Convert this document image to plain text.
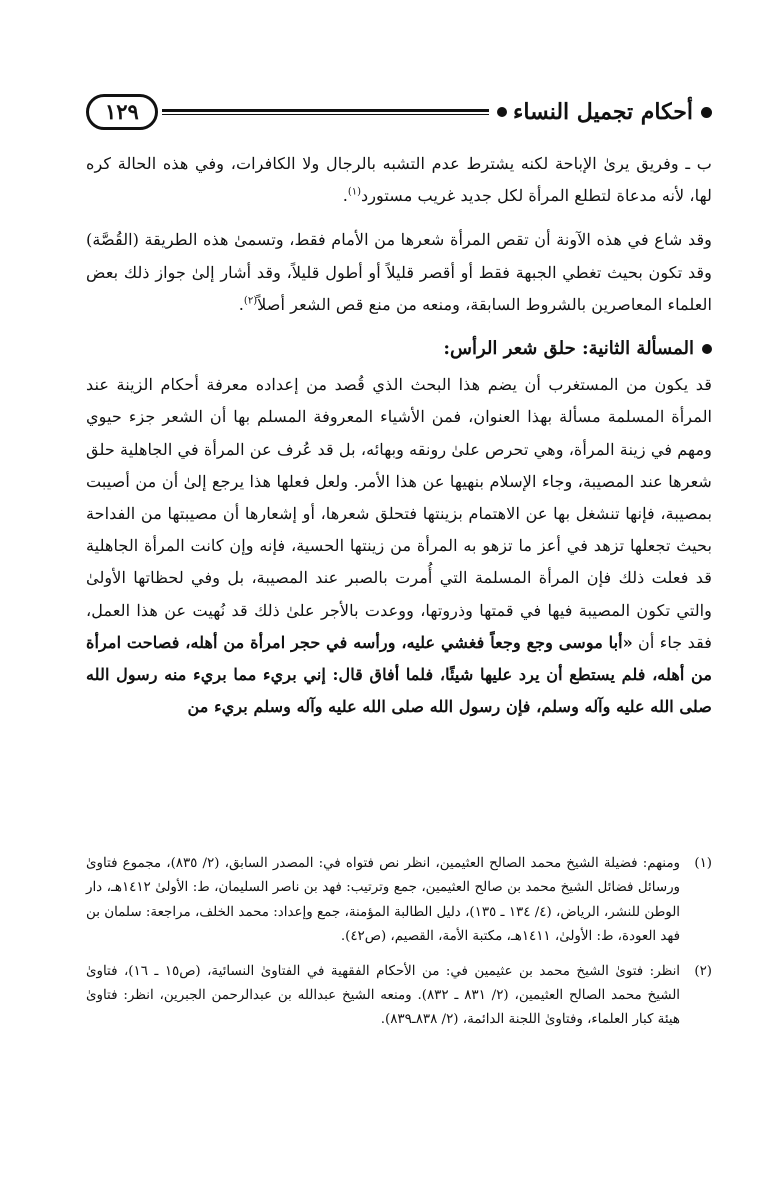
أحكام تجميل النساء
١٢٩

ب ـ وفريق يرىٰ الإباحة لكنه يشترط عدم التشبه بالرجال ولا الكافرات، وفي هذه الحالة كره لها، لأنه مدعاة لتطلع المرأة لكل جديد غريب مستورد$^{(١)}$.

وقد شاع في هذه الآونة أن تقص المرأة شعرها من الأمام فقط، وتسمىٰ هذه الطريقة (القُصَّة) وقد تكون بحيث تغطي الجبهة فقط أو أقصر قليلاً أو أطول قليلاً، وقد أشار إلىٰ جواز ذلك بعض العلماء المعاصرين بالشروط السابقة، ومنعه من منع قص الشعر أصلاً$^{(٢)}$.

المسألة الثانية: حلق شعر الرأس:

قد يكون من المستغرب أن يضم هذا البحث الذي قُصد من إعداده معرفة أحكام الزينة عند المرأة المسلمة مسألة بهذا العنوان، فمن الأشياء المعروفة المسلم بها أن الشعر جزء حيوي ومهم في زينة المرأة، وهي تحرص علىٰ رونقه وبهائه، بل قد عُرف عن المرأة في الجاهلية حلق شعرها عند المصيبة، وجاء الإسلام بنهيها عن هذا الأمر. ولعل فعلها هذا يرجع إلىٰ أن من أصيبت بمصيبة، فإنها تنشغل بها عن الاهتمام بزينتها فتحلق شعرها، أو إشعارها أن مصيبتها من الفداحة بحيث تجعلها تزهد في أعز ما تزهو به المرأة من زينتها الحسية، فإنه وإن كانت المرأة الجاهلية قد فعلت ذلك فإن المرأة المسلمة التي أُمرت بالصبر عند المصيبة، بل وفي لحظاتها الأولىٰ والتي تكون المصيبة فيها في قمتها وذروتها، ووعدت بالأجر علىٰ ذلك قد نُهيت عن هذا العمل، فقد جاء أن «أبا موسى وجع وجعاً فغشي عليه، ورأسه في حجر امرأة من أهله، فصاحت امرأة من أهله، فلم يستطع أن يرد عليها شيئًا، فلما أفاق قال: إني بريء مما بريء منه رسول الله صلى الله عليه وآله وسلم، فإن رسول الله صلى الله عليه وآله وسلم بريء من

(١)
ومنهم: فضيلة الشيخ محمد الصالح العثيمين، انظر نص فتواه في: المصدر السابق، (٢/ ٨٣٥)، مجموع فتاوىٰ ورسائل فضائل الشيخ محمد بن صالح العثيمين، جمع وترتيب: فهد بن ناصر السليمان، ط: الأولىٰ ١٤١٢هـ، دار الوطن للنشر، الرياض، (٤/ ١٣٤ ـ ١٣٥)، دليل الطالبة المؤمنة، جمع وإعداد: محمد الخلف، مراجعة: سلمان بن فهد العودة، ط: الأولىٰ، ١٤١١هـ، مكتبة الأمة، القصيم، (ص٤٢).
(٢)
انظر: فتوىٰ الشيخ محمد بن عثيمين في: من الأحكام الفقهية في الفتاوىٰ النسائية، (ص١٥ ـ ١٦)، فتاوىٰ الشيخ محمد الصالح العثيمين، (٢/ ٨٣١ ـ ٨٣٢). ومنعه الشيخ عبدالله بن عبدالرحمن الجبرين، انظر: فتاوىٰ هيئة كبار العلماء، وفتاوىٰ اللجنة الدائمة، (٢/ ٨٣٨ـ٨٣٩).
